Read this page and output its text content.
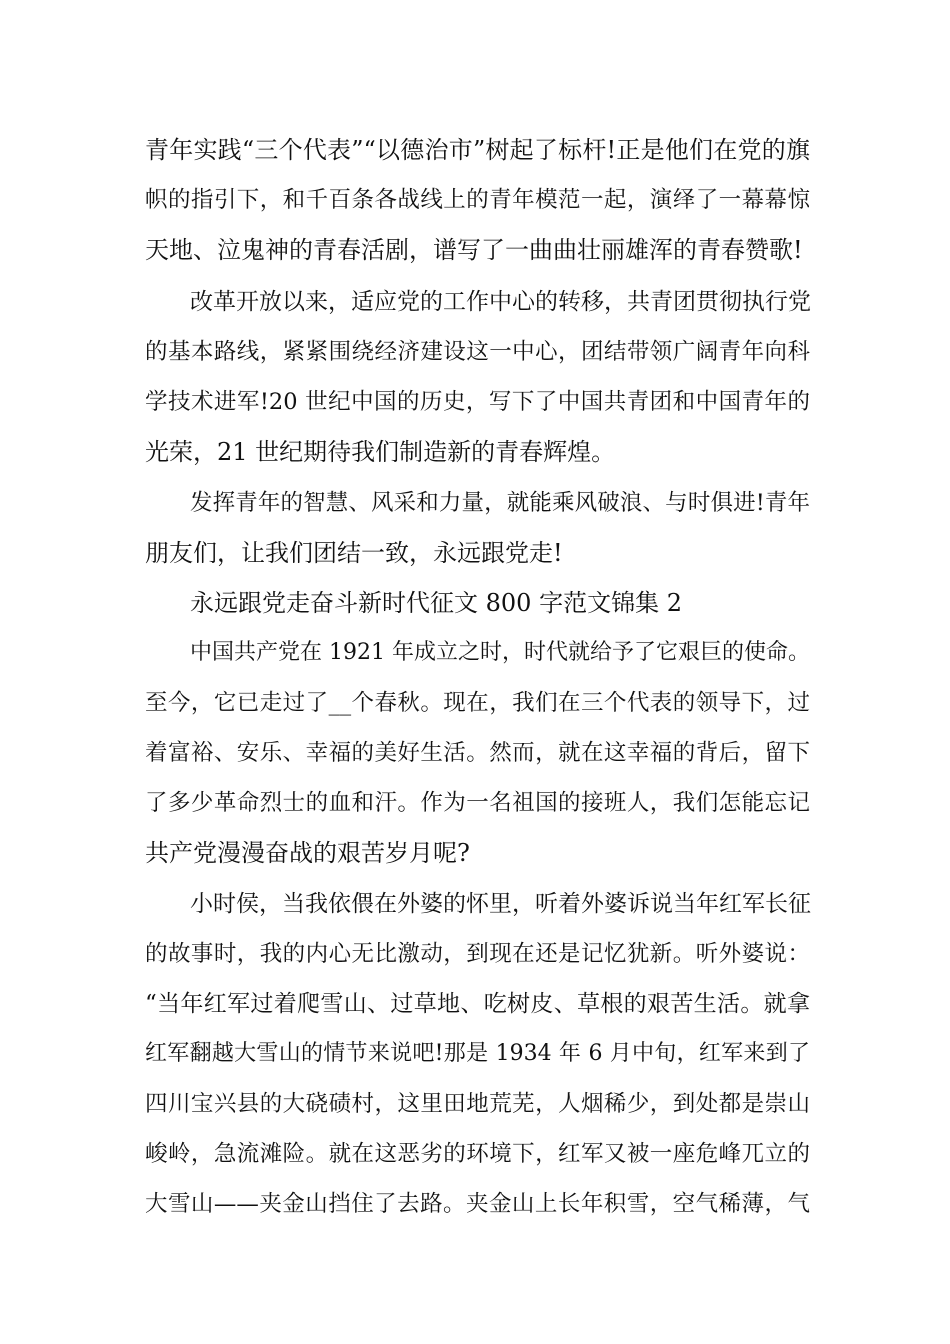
青年实践“三个代表”“以德治市”树起了标杆!正是他们在党的旗
帜的指引下，和千百条各战线上的青年模范一起，演绎了一幕幕惊
天地、泣鬼神的青春活剧，谱写了一曲曲壮丽雄浑的青春赞歌!
改革开放以来，适应党的工作中心的转移，共青团贯彻执行党
的基本路线，紧紧围绕经济建设这一中心，团结带领广阔青年向科
学技术进军!20 世纪中国的历史，写下了中国共青团和中国青年的
光荣，21 世纪期待我们制造新的青春辉煌。
发挥青年的智慧、风采和力量，就能乘风破浪、与时俱进!青年
朋友们，让我们团结一致，永远跟党走!
永远跟党走奋斗新时代征文 800 字范文锦集 2
中国共产党在 1921 年成立之时，时代就给予了它艰巨的使命。
至今，它已走过了__个春秋。现在，我们在三个代表的领导下，过
着富裕、安乐、幸福的美好生活。然而，就在这幸福的背后，留下
了多少革命烈士的血和汗。作为一名祖国的接班人，我们怎能忘记
共产党漫漫奋战的艰苦岁月呢?
小时侯，当我依偎在外婆的怀里，听着外婆诉说当年红军长征
的故事时，我的内心无比激动，到现在还是记忆犹新。听外婆说：
“当年红军过着爬雪山、过草地、吃树皮、草根的艰苦生活。就拿
红军翻越大雪山的情节来说吧!那是 1934 年 6 月中旬，红军来到了
四川宝兴县的大硗碛村，这里田地荒芜，人烟稀少，到处都是崇山
峻岭，急流滩险。就在这恶劣的环境下，红军又被一座危峰兀立的
大雪山——夹金山挡住了去路。夹金山上长年积雪，空气稀薄，气
